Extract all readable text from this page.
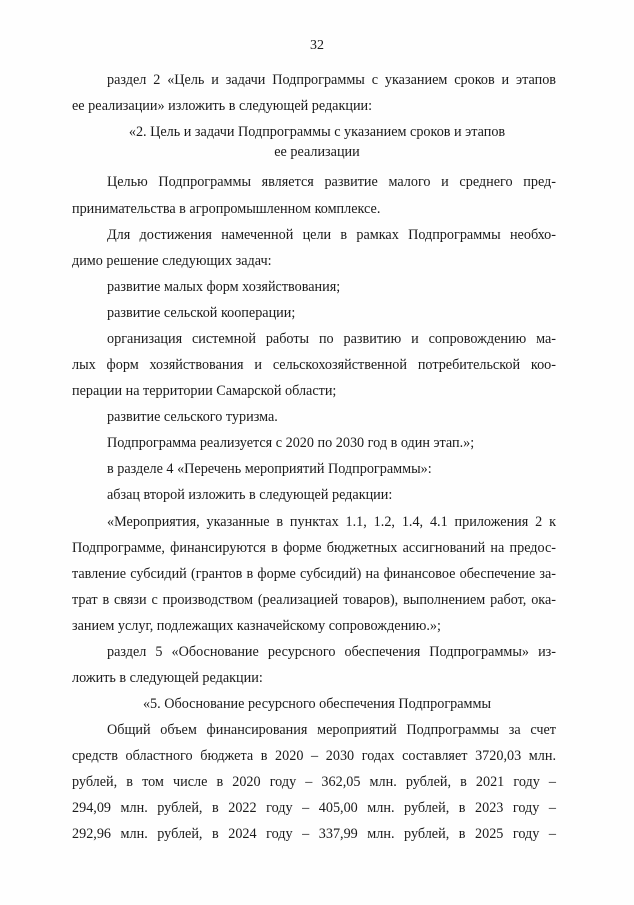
32
раздел 2 «Цель и задачи Подпрограммы с указанием сроков и этапов
ее реализации» изложить в следующей редакции:
«2. Цель и задачи Подпрограммы с указанием сроков и этапов
ее реализации
Целью Подпрограммы является развитие малого и среднего пред-
принимательства в агропромышленном комплексе.
Для достижения намеченной цели в рамках Подпрограммы необхо-
димо решение следующих задач:
развитие малых форм хозяйствования;
развитие сельской кооперации;
организация системной работы по развитию и сопровождению ма-
лых форм хозяйствования и сельскохозяйственной потребительской коо-
перации на территории Самарской области;
развитие сельского туризма.
Подпрограмма реализуется с 2020 по 2030 год в один этап.»;
в разделе 4 «Перечень мероприятий Подпрограммы»:
абзац второй изложить в следующей редакции:
«Мероприятия, указанные в пунктах 1.1, 1.2, 1.4, 4.1 приложения 2 к
Подпрограмме, финансируются в форме бюджетных ассигнований на предос-
тавление субсидий (грантов в форме субсидий) на финансовое обеспечение за-
трат в связи с производством (реализацией товаров), выполнением работ, ока-
занием услуг, подлежащих казначейскому сопровождению.»;
раздел 5 «Обоснование ресурсного обеспечения Подпрограммы» из-
ложить в следующей редакции:
«5. Обоснование ресурсного обеспечения Подпрограммы
Общий объем финансирования мероприятий Подпрограммы за счет
средств областного бюджета в 2020 – 2030 годах составляет 3720,03 млн.
рублей, в том числе в 2020 году – 362,05 млн. рублей, в 2021 году –
294,09 млн. рублей, в 2022 году – 405,00 млн. рублей, в 2023 году –
292,96 млн. рублей, в 2024 году – 337,99 млн. рублей, в 2025 году –
